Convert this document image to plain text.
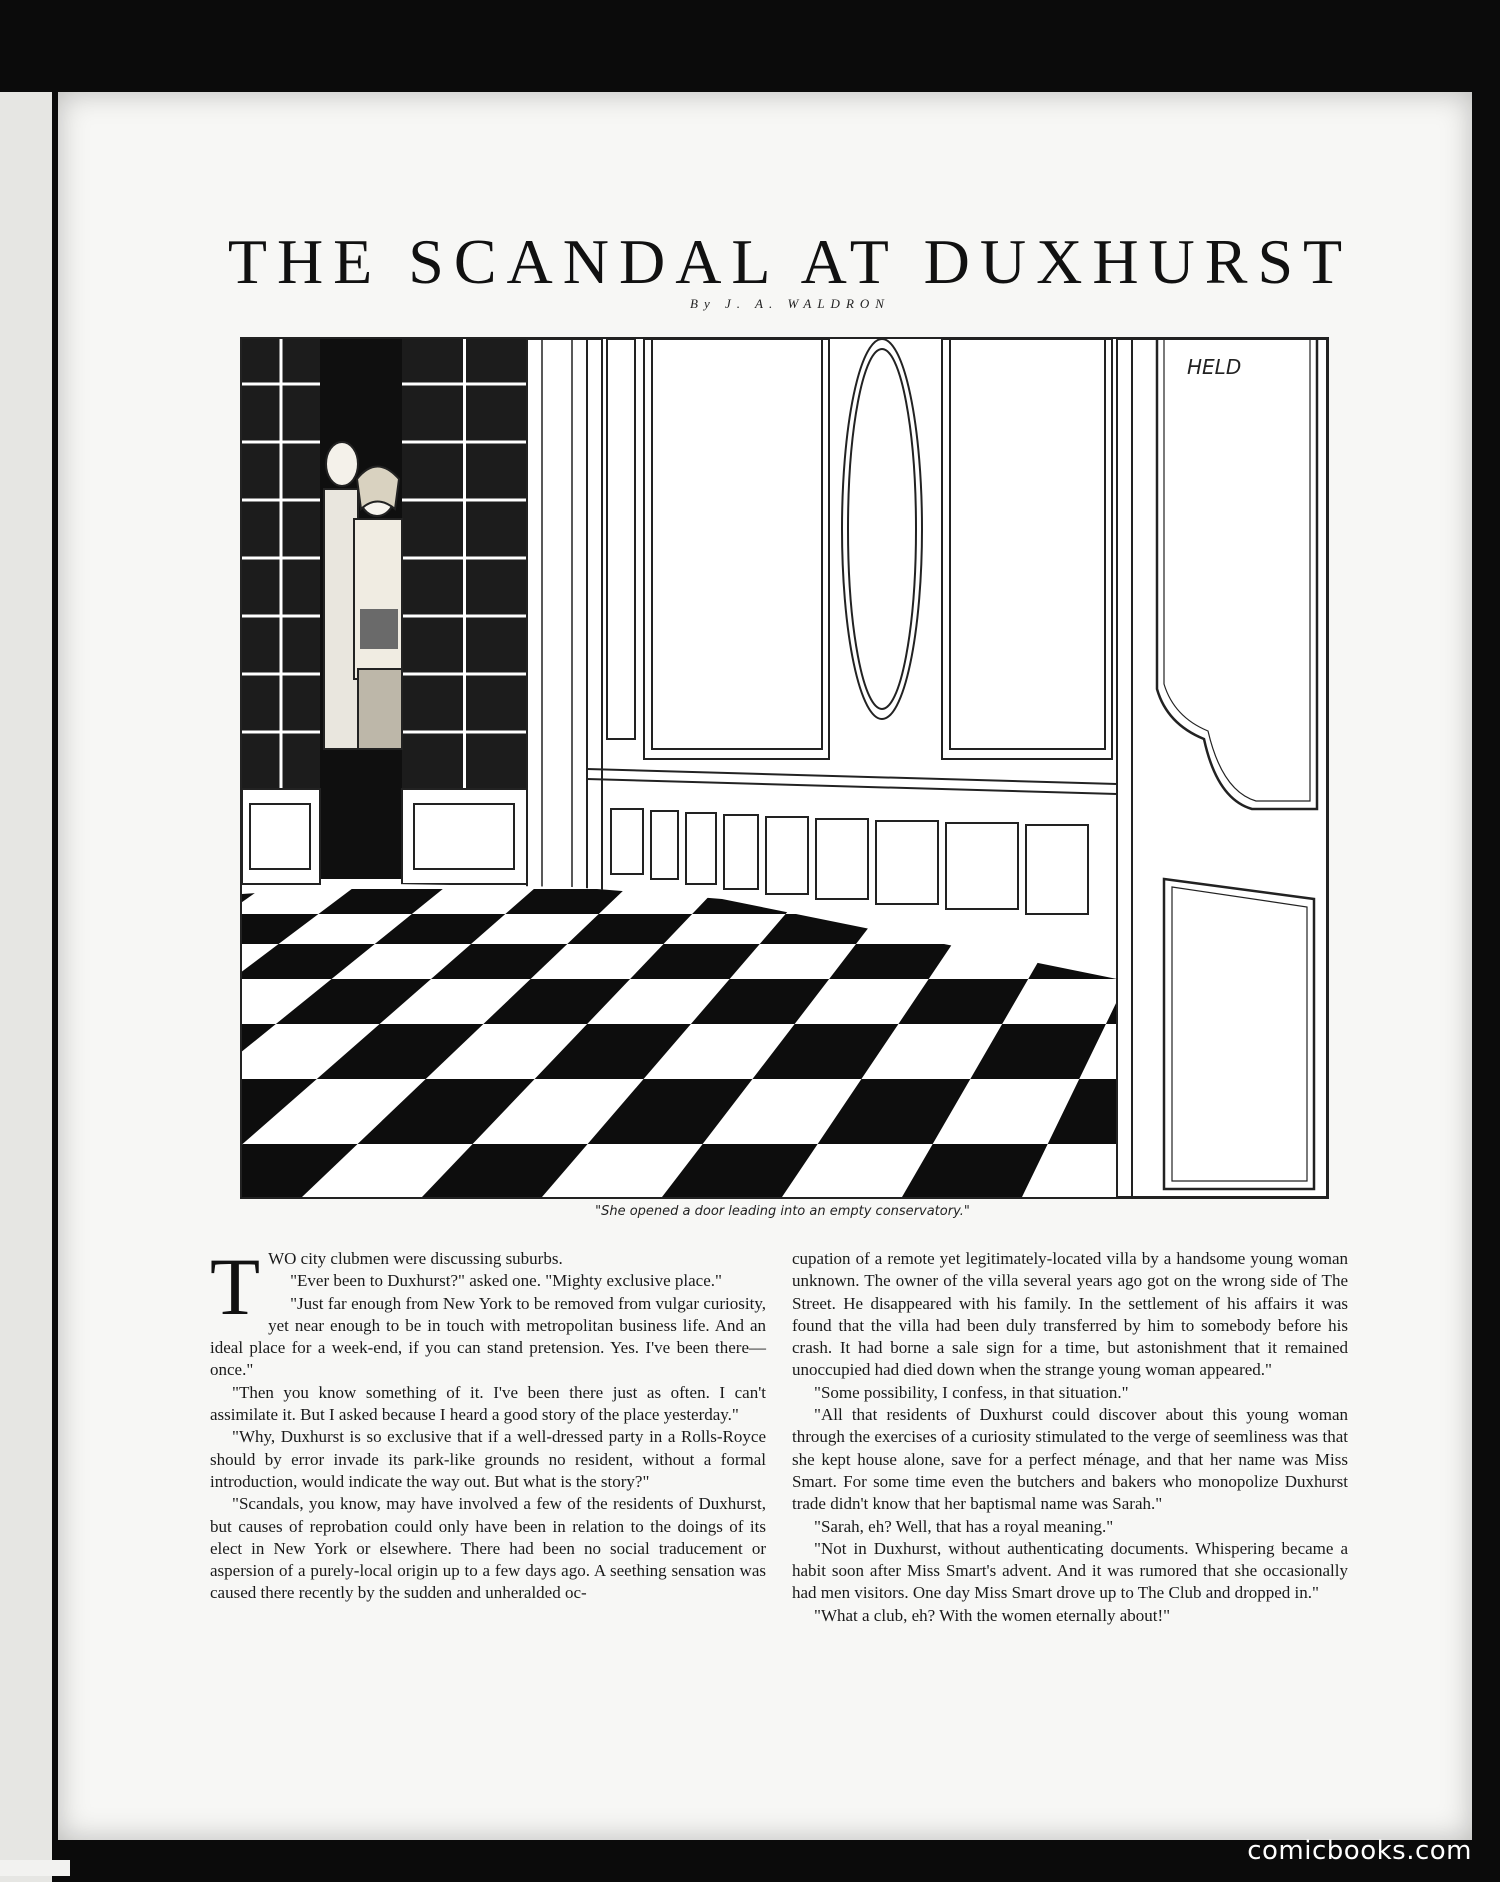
THE SCANDAL AT DUXHURST
By J. A. WALDRON
HELD
"She opened a door leading into an empty conservatory."

TWO city clubmen were discussing suburbs.

"Ever been to Duxhurst?" asked one. "Mighty exclusive place."

"Just far enough from New York to be removed from vulgar curiosity, yet near enough to be in touch with metropolitan business life. And an ideal place for a week-end, if you can stand pretension. Yes. I've been there—once."

"Then you know something of it. I've been there just as often. I can't assimilate it. But I asked because I heard a good story of the place yesterday."

"Why, Duxhurst is so exclusive that if a well-dressed party in a Rolls-Royce should by error invade its park-like grounds no resident, without a formal introduction, would indicate the way out. But what is the story?"

"Scandals, you know, may have involved a few of the residents of Duxhurst, but causes of reprobation could only have been in relation to the doings of its elect in New York or elsewhere. There had been no social traducement or aspersion of a purely-local origin up to a few days ago. A seething sensation was caused there recently by the sudden and unheralded oc-

cupation of a remote yet legitimately-located villa by a handsome young woman unknown. The owner of the villa several years ago got on the wrong side of The Street. He disappeared with his family. In the settlement of his affairs it was found that the villa had been duly transferred by him to somebody before his crash. It had borne a sale sign for a time, but astonishment that it remained unoccupied had died down when the strange young woman appeared."

"Some possibility, I confess, in that situation."

"All that residents of Duxhurst could discover about this young woman through the exercises of a curiosity stimulated to the verge of seemliness was that she kept house alone, save for a perfect ménage, and that her name was Miss Smart. For some time even the butchers and bakers who monopolize Duxhurst trade didn't know that her baptismal name was Sarah."

"Sarah, eh? Well, that has a royal meaning."

"Not in Duxhurst, without authenticating documents. Whispering became a habit soon after Miss Smart's advent. And it was rumored that she occasionally had men visitors. One day Miss Smart drove up to The Club and dropped in."

"What a club, eh? With the women eternally about!"

comicbooks.com
